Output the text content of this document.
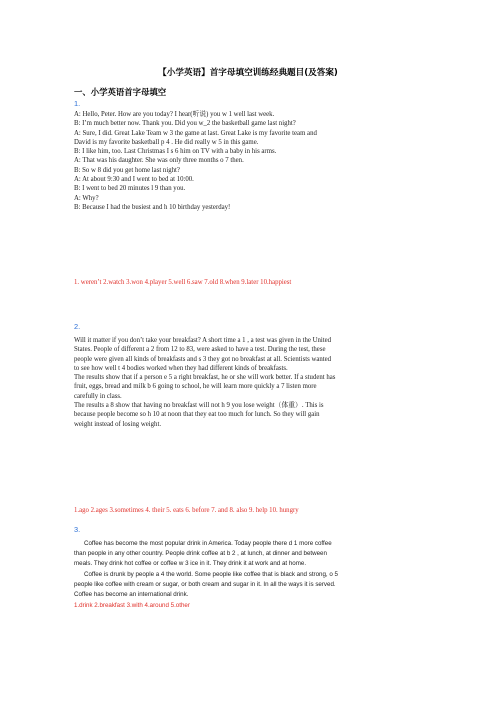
【小学英语】首字母填空训练经典题目(及答案)
一、小学英语首字母填空
1.

A: Hello, Peter. How are you today? I hear(听说) you w 1 well last week.

B: I’m much better now. Thank you. Did you w_2 the basketball game last night?

A: Sure, I did. Great Lake Team w 3 the game at last. Great Lake is my favorite team and

David is my favorite basketball p 4 . He did really w 5 in this game.

B: I like him, too. Last Christmas I s 6 him on TV with a baby in his arms.

A: That was his daughter. She was only three months o 7 then.

B: So w 8 did you get home last night?

A: At about 9:30 and I went to bed at 10:00.

B: I went to bed 20 minutes l 9 than you.

A: Why?

B: Because I had the busiest and h 10 birthday yesterday!

1. weren’t 2.watch 3.won 4.player 5.well 6.saw 7.old 8.when 9.later 10.happiest
2.

Will it matter if you don’t take your breakfast? A short time a 1 , a test was given in the United

States. People of different a 2 from 12 to 83, were asked to have a test. During the test, these

people were given all kinds of breakfasts and s 3 they got no breakfast at all. Scientists wanted

to see how well t 4 bodies worked when they had different kinds of breakfasts.

The results show that if a person e 5 a right breakfast, he or she will work better. If a student has

fruit, eggs, bread and milk b 6 going to school, he will learn more quickly a 7 listen more

carefully in class.

The results a 8 show that having no breakfast will not h 9 you lose weight（体重）. This is

because people become so h 10 at noon that they eat too much for lunch. So they will gain

weight instead of losing weight.

1.ago 2.ages 3.sometimes 4. their 5. eats 6. before 7. and 8. also 9. help 10. hungry
3.

Coffee has become the most popular drink in America. Today people there d 1 more coffee

than people in any other country. People drink coffee at b 2 , at lunch, at dinner and between

meals. They drink hot coffee or coffee w 3 ice in it. They drink it at work and at home.

Coffee is drunk by people a 4 the world. Some people like coffee that is black and strong, o 5

people like coffee with cream or sugar, or both cream and sugar in it. In all the ways it is served.

Coffee has become an international drink.

1.drink 2.breakfast 3.with 4.around 5.other
